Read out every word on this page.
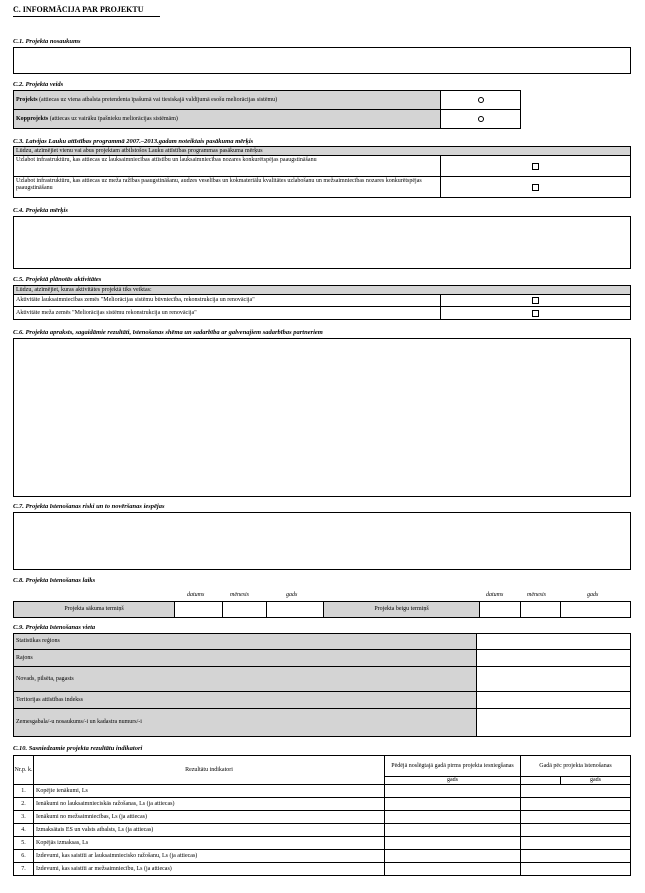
C. INFORMĀCIJA PAR PROJEKTU
C.1. Projekta nosaukums
C.2. Projekta veids
Projekts (attiecas uz viena atbalsta pretendenta īpašumā vai tiesiskajā valdījumā esošu meliorācijas sistēmu)
Kopprojekts (attiecas uz vairāku īpašnieku meliorācijas sistēmām)
C.3. Latvijas Lauku attīstības programmā 2007.–2013.gadam noteiktais pasākuma mērķis
Lūdzu, atzīmējiet vienu vai abus projektam atbilstošos Lauku attīstības programmas pasākuma mērķus
Uzlabot infrastruktūru, kas attiecas uz lauksaimniecības attīstību un lauksaimniecības nozares konkurētspējas paaugstināšanu
Uzlabot infrastruktūru, kas attiecas uz meža ražības paaugstināšanu, audzes veselības un kokmateriālu kvalitātes uzlabošanu un mežsaimniecības nozares konkurētspējas paaugstināšanu
C.4. Projekta mērķis
C.5. Projektā plānotās aktivitātes
Lūdzu, atzīmējiet, kuras aktivitātes projektā tiks veiktas:
Aktivitāte lauksaimniecības zemēs "Meliorācijas sistēmu būvniecība, rekonstrukcija un renovācija"
Aktivitāte meža zemēs "Meliorācijas sistēmu rekonstrukcija un renovācija"
C.6. Projekta apraksts, sagaidāmie rezultāti, īstenošanas shēma un sadarbība ar galvenajiem sadarbības partneriem
C.7. Projekta īstenošanas riski un to novēršanas iespējas
C.8. Projekta īstenošanas laiks
datums	mēnesis	gads	datums	mēnesis	gads
Projekta sākuma termiņš	Projekta beigu termiņš
C.9. Projekta īstenošanas vieta
Statistikas reģions
Rajons
Novads, pilsēta, pagasts
Teritorijas attīstības indekss
Zemesgabala/-u nosaukums/-i un kadastra numurs/-i
C.10. Sasniedzamie projekta rezultātu indikatori
Nr.p. k.	Rezultātu indikatori
Pēdējā noslēgtajā gadā pirms projekta iesniegšanas	Gadā pēc projekta īstenošanas
gads	gads
1.	Kopējie ienākumi, Ls
2.	Ienākumi no lauksaimnieciskās ražošanas, Ls (ja attiecas)
3.	Ienākumi no mežsaimniecības, Ls (ja attiecas)
4.	Izmaksātais ES un valsts atbalsts, Ls (ja attiecas)
5.	Kopējās izmaksas, Ls
6.	Izdevumi, kas saistīti ar lauksaimniecisko ražošanu, Ls (ja attiecas)
7.	Izdevumi, kas saistīti ar mežsaimniecību, Ls (ja attiecas)
